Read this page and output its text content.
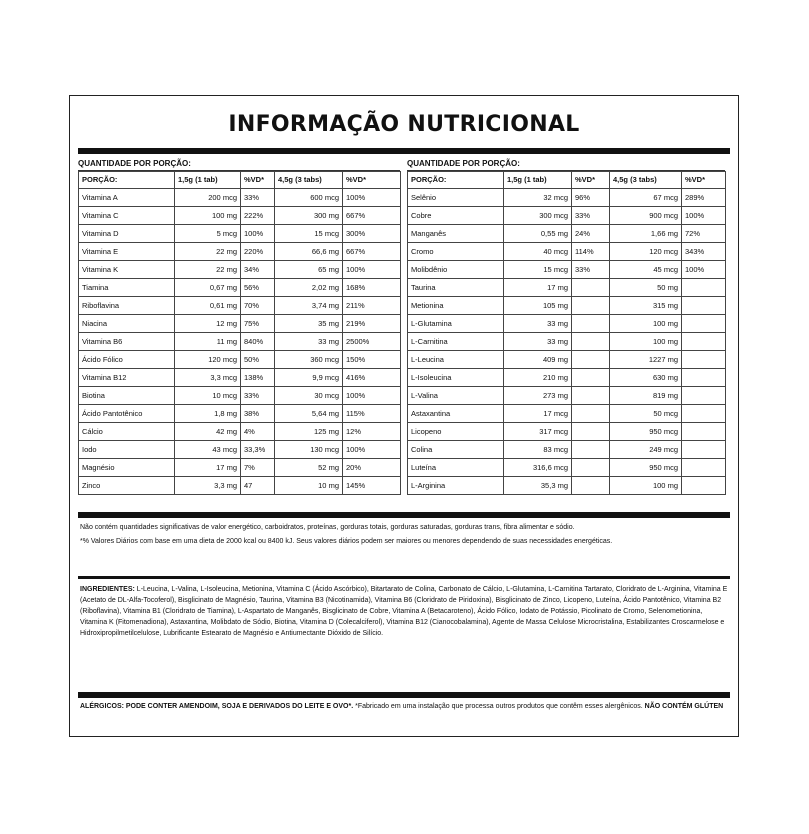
INFORMAÇÃO NUTRICIONAL
QUANTIDADE POR PORÇÃO:
PORÇÃO:	1,5g (1 tab)	%VD*	4,5g (3 tabs)	%VD*
Vitamina A	200 mcg	33%	600 mcg	100%
Vitamina C	100 mg	222%	300 mg	667%
Vitamina D	5 mcg	100%	15 mcg	300%
Vitamina E	22 mg	220%	66,6 mg	667%
Vitamina K	22 mg	34%	65 mg	100%
Tiamina	0,67 mg	56%	2,02 mg	168%
Riboflavina	0,61 mg	70%	3,74 mg	211%
Niacina	12 mg	75%	35 mg	219%
Vitamina B6	11 mg	840%	33 mg	2500%
Ácido Fólico	120 mcg	50%	360 mcg	150%
Vitamina B12	3,3 mcg	138%	9,9 mcg	416%
Biotina	10 mcg	33%	30 mcg	100%
Ácido Pantotênico	1,8 mg	38%	5,64 mg	115%
Cálcio	42 mg	4%	125 mg	12%
Iodo	43 mcg	33,3%	130 mcg	100%
Magnésio	17 mg	7%	52 mg	20%
Zinco	3,3 mg	47	10 mg	145%
QUANTIDADE POR PORÇÃO:
PORÇÃO:	1,5g (1 tab)	%VD*	4,5g (3 tabs)	%VD*
Selênio	32 mcg	96%	67 mcg	289%
Cobre	300 mcg	33%	900 mcg	100%
Manganês	0,55 mg	24%	1,66 mg	72%
Cromo	40 mcg	114%	120 mcg	343%
Molibdênio	15 mcg	33%	45 mcg	100%
Taurina	17 mg		50 mg	
Metionina	105 mg		315 mg	
L-Glutamina	33 mg		100 mg	
L-Carnitina	33 mg		100 mg	
L-Leucina	409 mg		1227 mg	
L-Isoleucina	210 mg		630 mg	
L-Valina	273 mg		819 mg	
Astaxantina	17 mcg		50 mcg	
Licopeno	317 mcg		950 mcg	
Colina	83 mcg		249 mcg	
Luteína	316,6 mcg		950 mcg	
L-Arginina	35,3 mg		100 mg	
Não contém quantidades significativas de valor energético, carboidratos, proteínas, gorduras totais, gorduras saturadas, gorduras trans, fibra alimentar e sódio.
*% Valores Diários com base em uma dieta de 2000 kcal ou 8400 kJ. Seus valores diários podem ser maiores ou menores dependendo de suas necessidades energéticas.
INGREDIENTES: L-Leucina, L-Valina, L-Isoleucina, Metionina, Vitamina C (Ácido Ascórbico), Bitartarato de Colina, Carbonato de Cálcio, L-Glutamina, L-Carnitina Tartarato, Cloridrato de L-Arginina, Vitamina E (Acetato de DL-Alfa-Tocoferol), Bisglicinato de Magnésio, Taurina, Vitamina B3 (Nicotinamida), Vitamina B6 (Cloridrato de Piridoxina), Bisglicinato de Zinco, Licopeno, Luteína, Ácido Pantotênico, Vitamina B2 (Riboflavina), Vitamina B1 (Cloridrato de Tiamina), L-Aspartato de Manganês, Bisglicinato de Cobre, Vitamina A (Betacaroteno), Ácido Fólico, Iodato de Potássio, Picolinato de Cromo, Selenometionina, Vitamina K (Fitomenadiona), Astaxantina, Molibdato de Sódio, Biotina, Vitamina D (Colecalciferol), Vitamina B12 (Cianocobalamina), Agente de Massa Celulose Microcristalina, Estabilizantes Croscarmelose e Hidroxipropilmetilcelulose, Lubrificante Estearato de Magnésio e Antiumectante Dióxido de Silício.
ALÉRGICOS: PODE CONTER AMENDOIM, SOJA E DERIVADOS DO LEITE E OVO*. *Fabricado em uma instalação que processa outros produtos que contêm esses alergênicos. NÃO CONTÉM GLÚTEN
